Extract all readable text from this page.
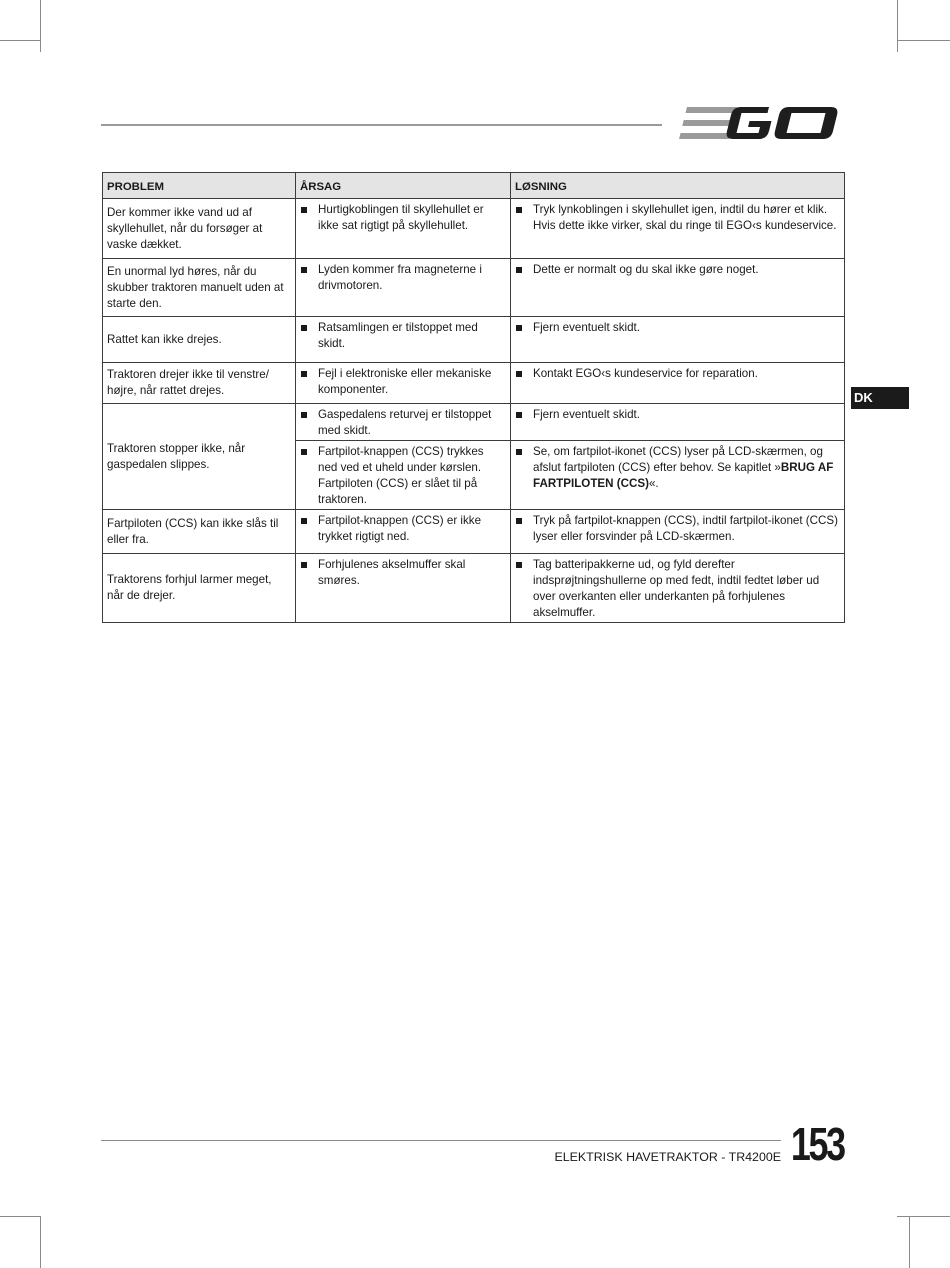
PROBLEM	ÅRSAG	LØSNING
Der kommer ikke vand ud af skyllehullet, når du forsøger at vaske dækket.	Hurtigkoblingen til skyllehullet er ikke sat rigtigt på skyllehullet.	Tryk lynkoblingen i skyllehullet igen, indtil du hører et klik. Hvis dette ikke virker, skal du ringe til EGO‹s kundeservice.

En unormal lyd høres, når du skubber traktoren manuelt uden at starte den.	Lyden kommer fra magneterne i drivmotoren.	Dette er normalt og du skal ikke gøre noget.

Rattet kan ikke drejes.	Ratsamlingen er tilstoppet med skidt.	Fjern eventuelt skidt.

Traktoren drejer ikke til venstre/ højre, når rattet drejes.	Fejl i elektroniske eller mekaniske komponenter.	Kontakt EGO‹s kundeservice for reparation.

Traktoren stopper ikke, når gaspedalen slippes.	Gaspedalens returvej er tilstoppet med skidt.	Fjern eventuelt skidt.

	Fartpilot-knappen (CCS) trykkes ned ved et uheld under kørslen. Fartpiloten (CCS) er slået til på traktoren.	Se, om fartpilot-ikonet (CCS) lyser på LCD-skærmen, og afslut fartpiloten (CCS) efter behov. Se kapitlet »BRUG AF FARTPILOTEN (CCS)«.

Fartpiloten (CCS) kan ikke slås til eller fra.	Fartpilot-knappen (CCS) er ikke trykket rigtigt ned.	Tryk på fartpilot-knappen (CCS), indtil fartpilot-ikonet (CCS) lyser eller forsvinder på LCD-skærmen.

Traktorens forhjul larmer meget, når de drejer.	Forhjulenes akselmuffer skal smøres.	Tag batteripakkerne ud, og fyld derefter indsprøjtningshullerne op med fedt, indtil fedtet løber ud over overkanten eller underkanten på forhjulenes akselmuffer.
DK
ELEKTRISK HAVETRAKTOR - TR4200E 153
